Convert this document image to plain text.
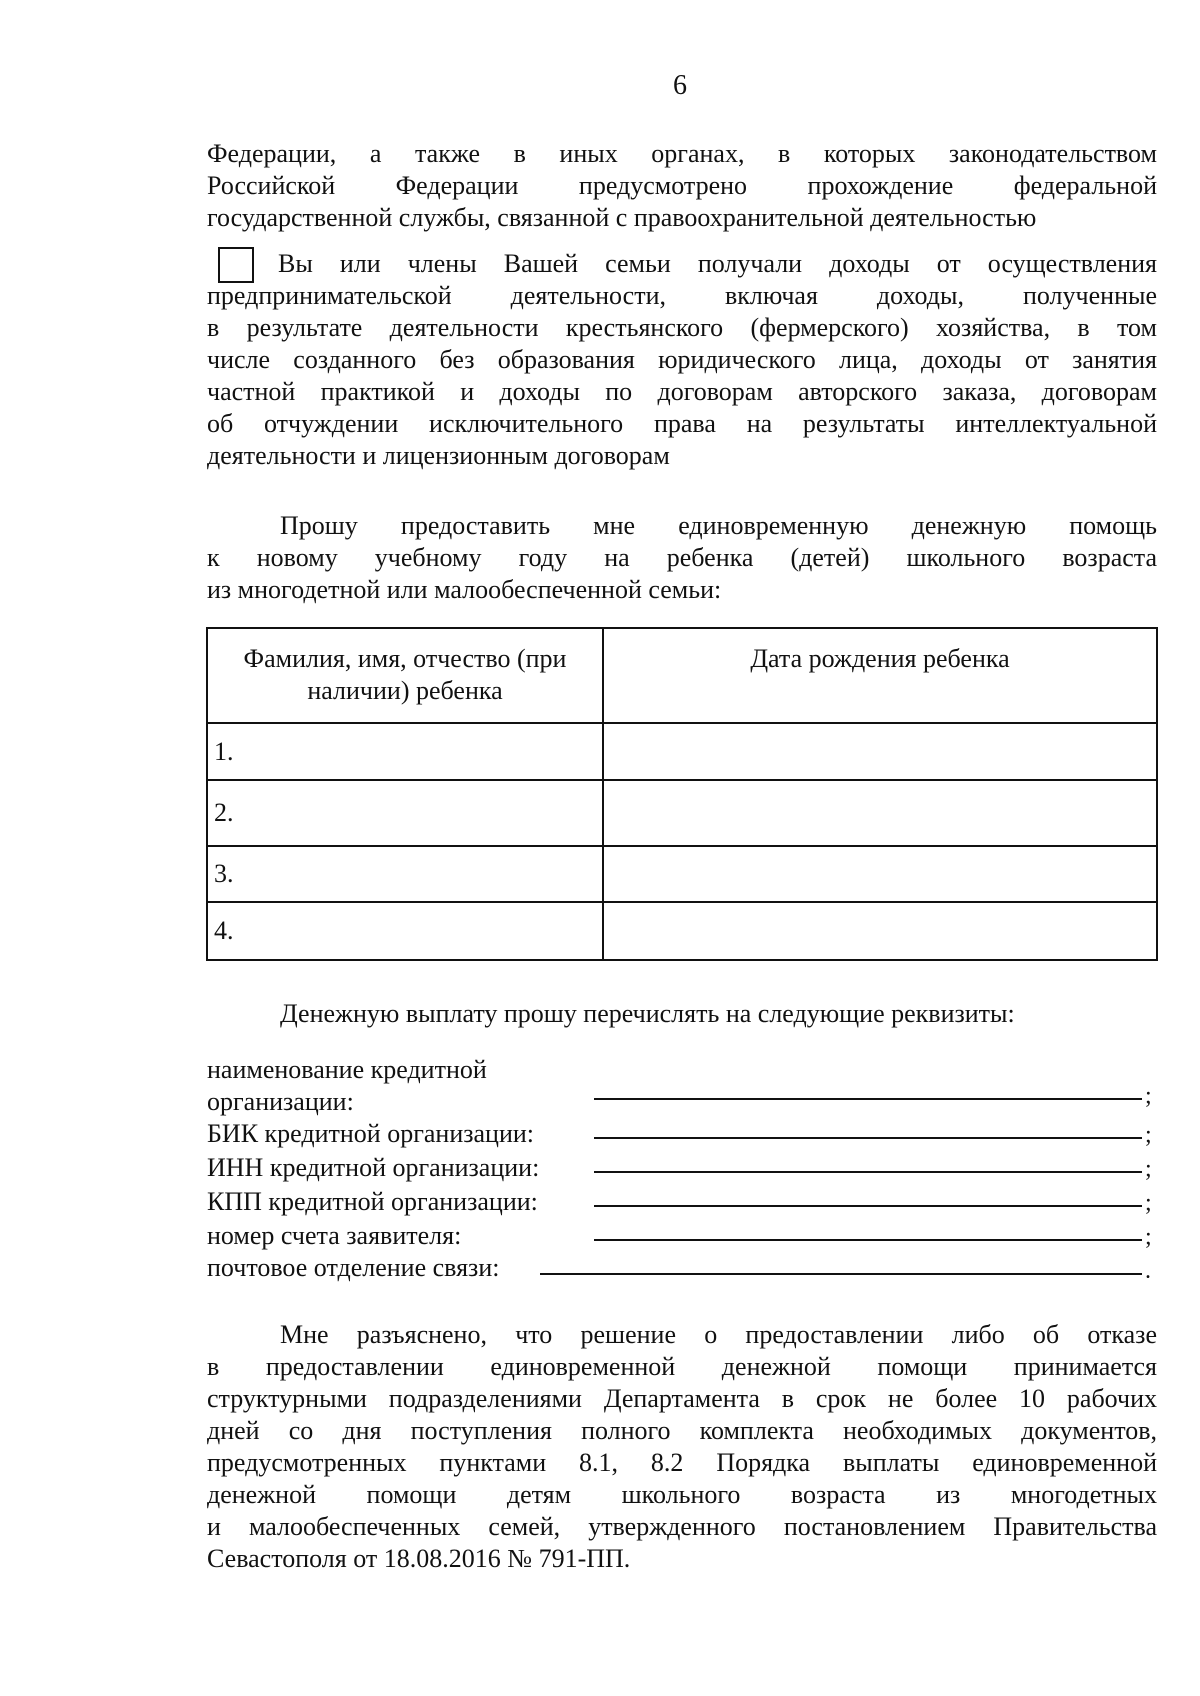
6
Федерации, а также в иных органах, в которых законодательством
Российской Федерации предусмотрено прохождение федеральной
государственной службы, связанной с правоохранительной деятельностью
Вы или члены Вашей семьи получали доходы от осуществления
предпринимательской деятельности, включая доходы, полученные
в результате деятельности крестьянского (фермерского) хозяйства, в том
числе созданного без образования юридического лица, доходы от занятия
частной практикой и доходы по договорам авторского заказа, договорам
об отчуждении исключительного права на результаты интеллектуальной
деятельности и лицензионным договорам
Прошу предоставить мне единовременную денежную помощь
к новому учебному году на ребенка (детей) школьного возраста
из многодетной или малообеспеченной семьи:
Фамилия, имя, отчество (при наличии) ребенка	Дата рождения ребенка
1.	
2.	
3.	
4.	
Денежную выплату прошу перечислять на следующие реквизиты:
наименование кредитной
организации:	;
БИК кредитной организации:	;
ИНН кредитной организации:	;
КПП кредитной организации:	;
номер счета заявителя:	;
почтовое отделение связи:	.
Мне разъяснено, что решение о предоставлении либо об отказе
в предоставлении единовременной денежной помощи принимается
структурными подразделениями Департамента в срок не более 10 рабочих
дней со дня поступления полного комплекта необходимых документов,
предусмотренных пунктами 8.1, 8.2 Порядка выплаты единовременной
денежной помощи детям школьного возраста из многодетных
и малообеспеченных семей, утвержденного постановлением Правительства
Севастополя от 18.08.2016 № 791-ПП.
